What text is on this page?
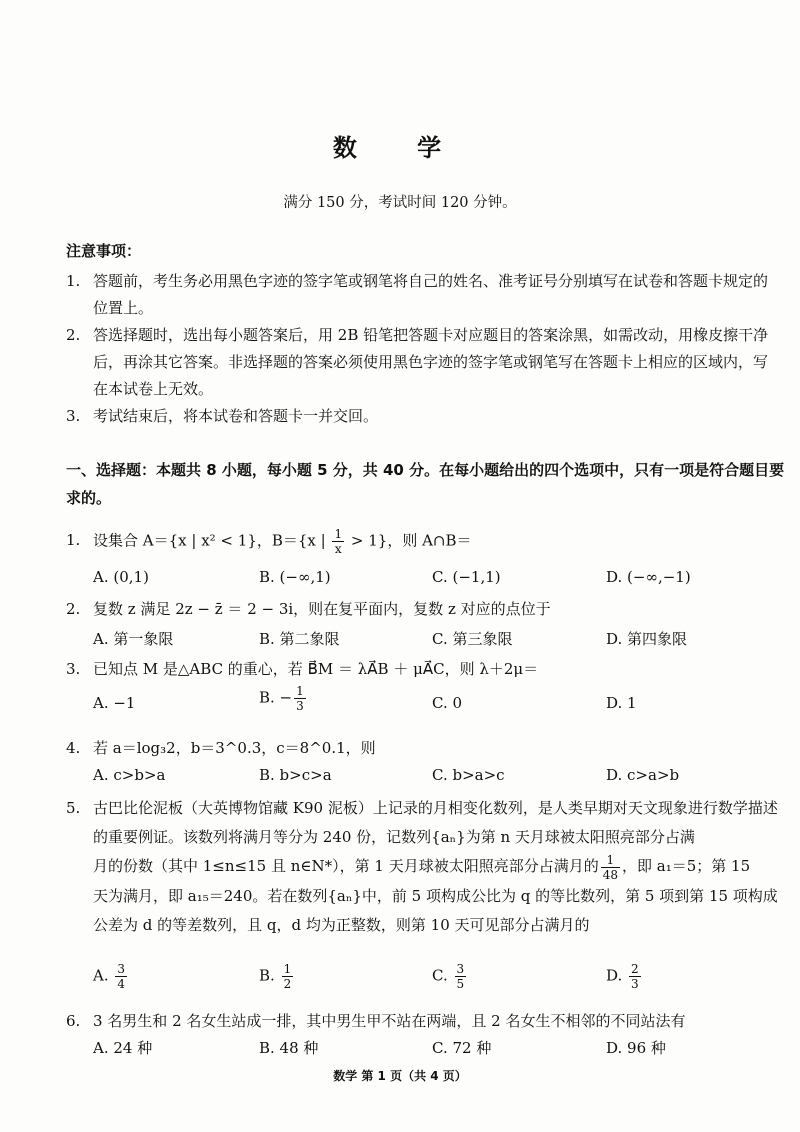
数 学
满分 150 分，考试时间 120 分钟。
注意事项：
1. 答题前，考生务必用黑色字迹的签字笔或钢笔将自己的姓名、准考证号分别填写在试卷和答题卡规定的位置上。
2. 答选择题时，选出每小题答案后，用 2B 铅笔把答题卡对应题目的答案涂黑，如需改动，用橡皮擦干净后，再涂其它答案。非选择题的答案必须使用黑色字迹的签字笔或钢笔写在答题卡上相应的区域内，写在本试卷上无效。
3. 考试结束后，将本试卷和答题卡一并交回。
一、选择题：本题共 8 小题，每小题 5 分，共 40 分。在每小题给出的四个选项中，只有一项是符合题目要求的。
1. 设集合 A＝{x | x² < 1}，B＝{x | $\frac{1}{x} > 1$}，则 A∩B＝
A. (0,1)	B. (−∞,1)	C. (−1,1)	D. (−∞,−1)
2. 复数 z 满足 2z − z̄ ＝ 2 − 3i，则在复平面内，复数 z 对应的点位于
A. 第一象限	B. 第二象限	C. 第三象限	D. 第四象限
3. 已知点 M 是△ABC 的重心，若 B⃗M ＝ λA⃗B ＋ μA⃗C，则 λ＋2μ＝
A. −1	B. − $\frac{1}{3}$	C. 0	D. 1
4. 若 a＝log₃2，b＝3^0.3，c＝8^0.1，则
A. c>b>a	B. b>c>a	C. b>a>c	D. c>a>b
5. 古巴比伦泥板（大英博物馆藏 K90 泥板）上记录的月相变化数列，是人类早期对天文现象进行数学描述的重要例证。该数列将满月等分为 240 份，记数列{aₙ}为第 n 天月球被太阳照亮部分占满
月的份数（其中 1≤n≤15 且 n∈N*），第 1 天月球被太阳照亮部分占满月的 $\frac{1}{48}$ ，即 a₁＝5；第 15
天为满月，即 a₁₅＝240。若在数列{aₙ}中，前 5 项构成公比为 q 的等比数列，第 5 项到第 15 项构成公差为 d 的等差数列，且 q，d 均为正整数，则第 10 天可见部分占满月的
A. $\frac{3}{4}$	B. $\frac{1}{2}$	C. $\frac{3}{5}$	D. $\frac{2}{3}$
6. 3 名男生和 2 名女生站成一排，其中男生甲不站在两端，且 2 名女生不相邻的不同站法有
A. 24 种	B. 48 种	C. 72 种	D. 96 种
数学 第 1 页（共 4 页）
